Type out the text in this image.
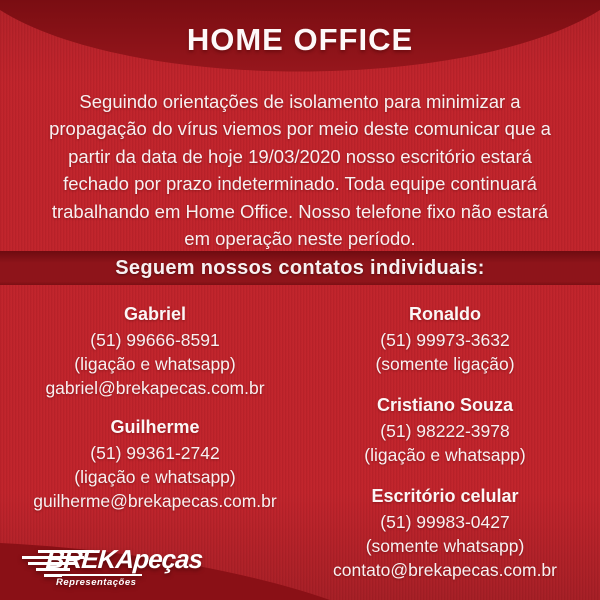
HOME OFFICE
Seguindo orientações de isolamento para minimizar a
propagação do vírus viemos por meio deste comunicar que a
partir da data de hoje 19/03/2020 nosso escritório estará
fechado por prazo indeterminado. Toda equipe continuará
trabalhando em Home Office. Nosso telefone fixo não estará
em operação neste período.
Seguem nossos contatos individuais:
Gabriel
(51) 99666-8591
(ligação e whatsapp)
gabriel@brekapecas.com.br
Guilherme
(51) 99361-2742
(ligação e whatsapp)
guilherme@brekapecas.com.br
Ronaldo
(51) 99973-3632
(somente ligação)
Cristiano Souza
(51) 98222-3978
(ligação e whatsapp)
Escritório celular
(51) 99983-0427
(somente whatsapp)
contato@brekapecas.com.br
BREKApeças
Representações
